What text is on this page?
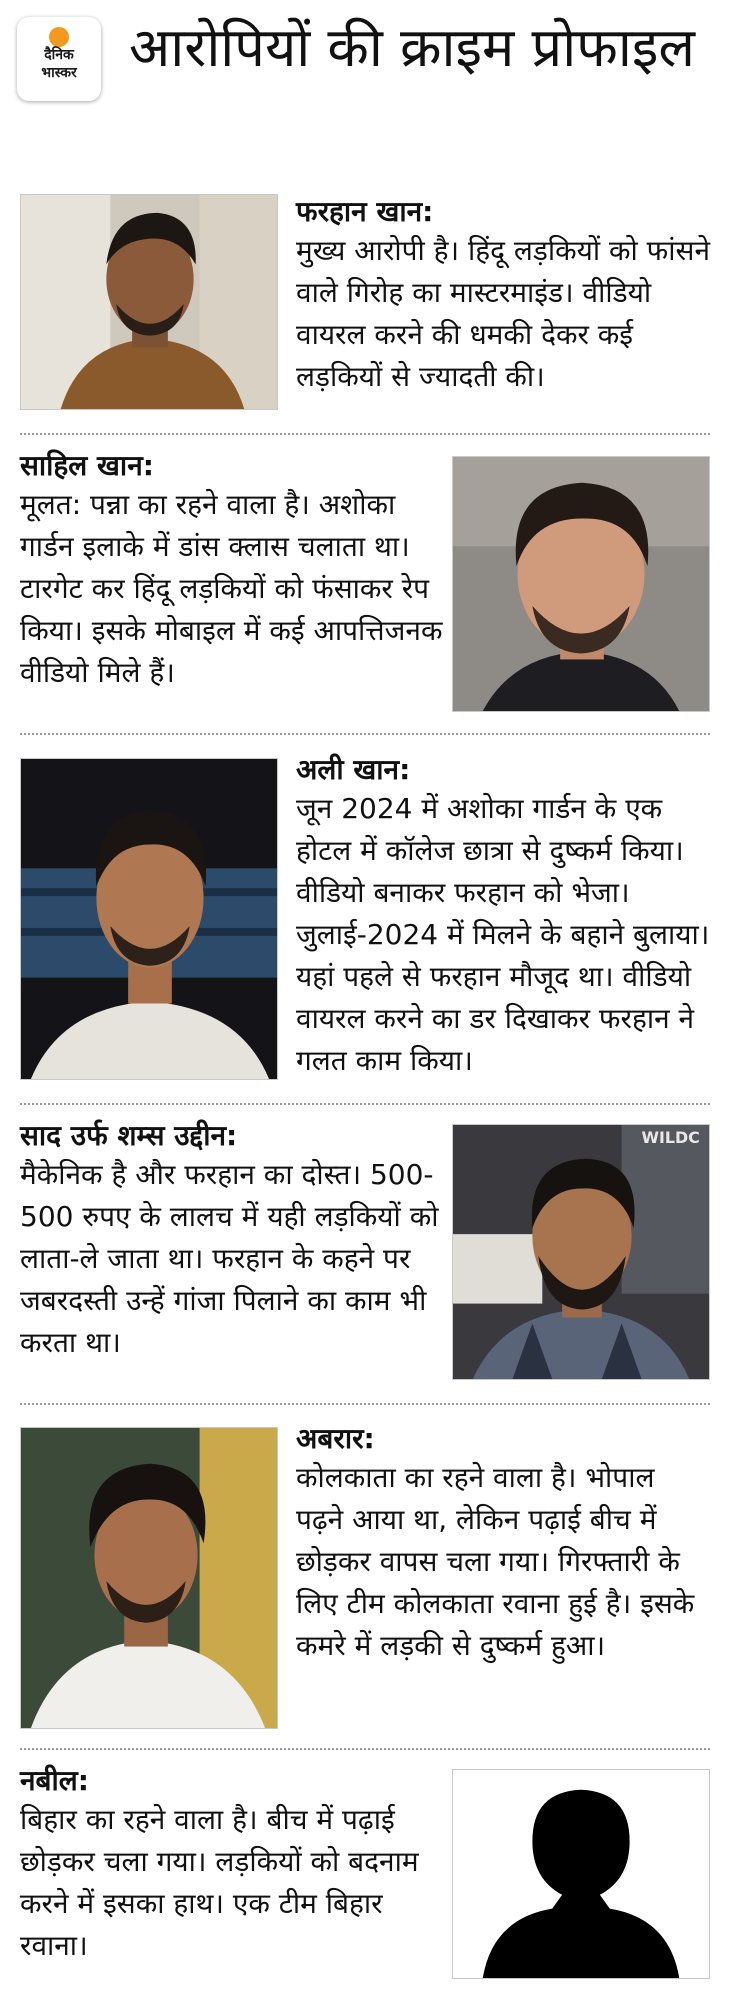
दैनिक
भास्कर आरोपियों की क्राइम प्रोफाइल

फरहान खान:

मुख्य आरोपी है। हिंदू लड़कियों को फांसने वाले गिरोह का मास्टरमाइंड। वीडियो वायरल करने की धमकी देकर कई लड़कियों से ज्यादती की।

साहिल खान:

मूलत: पन्ना का रहने वाला है। अशोका गार्डन इलाके में डांस क्लास चलाता था। टारगेट कर हिंदू लड़कियों को फंसाकर रेप किया। इसके मोबाइल में कई आपत्तिजनक वीडियो मिले हैं।

अली खान:

जून 2024 में अशोका गार्डन के एक होटल में कॉलेज छात्रा से दुष्कर्म किया। वीडियो बनाकर फरहान को भेजा। जुलाई-2024 में मिलने के बहाने बुलाया। यहां पहले से फरहान मौजूद था। वीडियो वायरल करने का डर दिखाकर फरहान ने गलत काम किया।

साद उर्फ शम्स उद्दीन:

मैकेनिक है और फरहान का दोस्त। 500-500 रुपए के लालच में यही लड़कियों को लाता-ले जाता था। फरहान के कहने पर जबरदस्ती उन्हें गांजा पिलाने का काम भी करता था।

WILDC

अबरार:

कोलकाता का रहने वाला है। भोपाल पढ़ने आया था, लेकिन पढ़ाई बीच में छोड़कर वापस चला गया। गिरफ्तारी के लिए टीम कोलकाता रवाना हुई है। इसके कमरे में लड़की से दुष्कर्म हुआ।

नबील:

बिहार का रहने वाला है। बीच में पढ़ाई छोड़कर चला गया। लड़कियों को बदनाम करने में इसका हाथ। एक टीम बिहार रवाना।
